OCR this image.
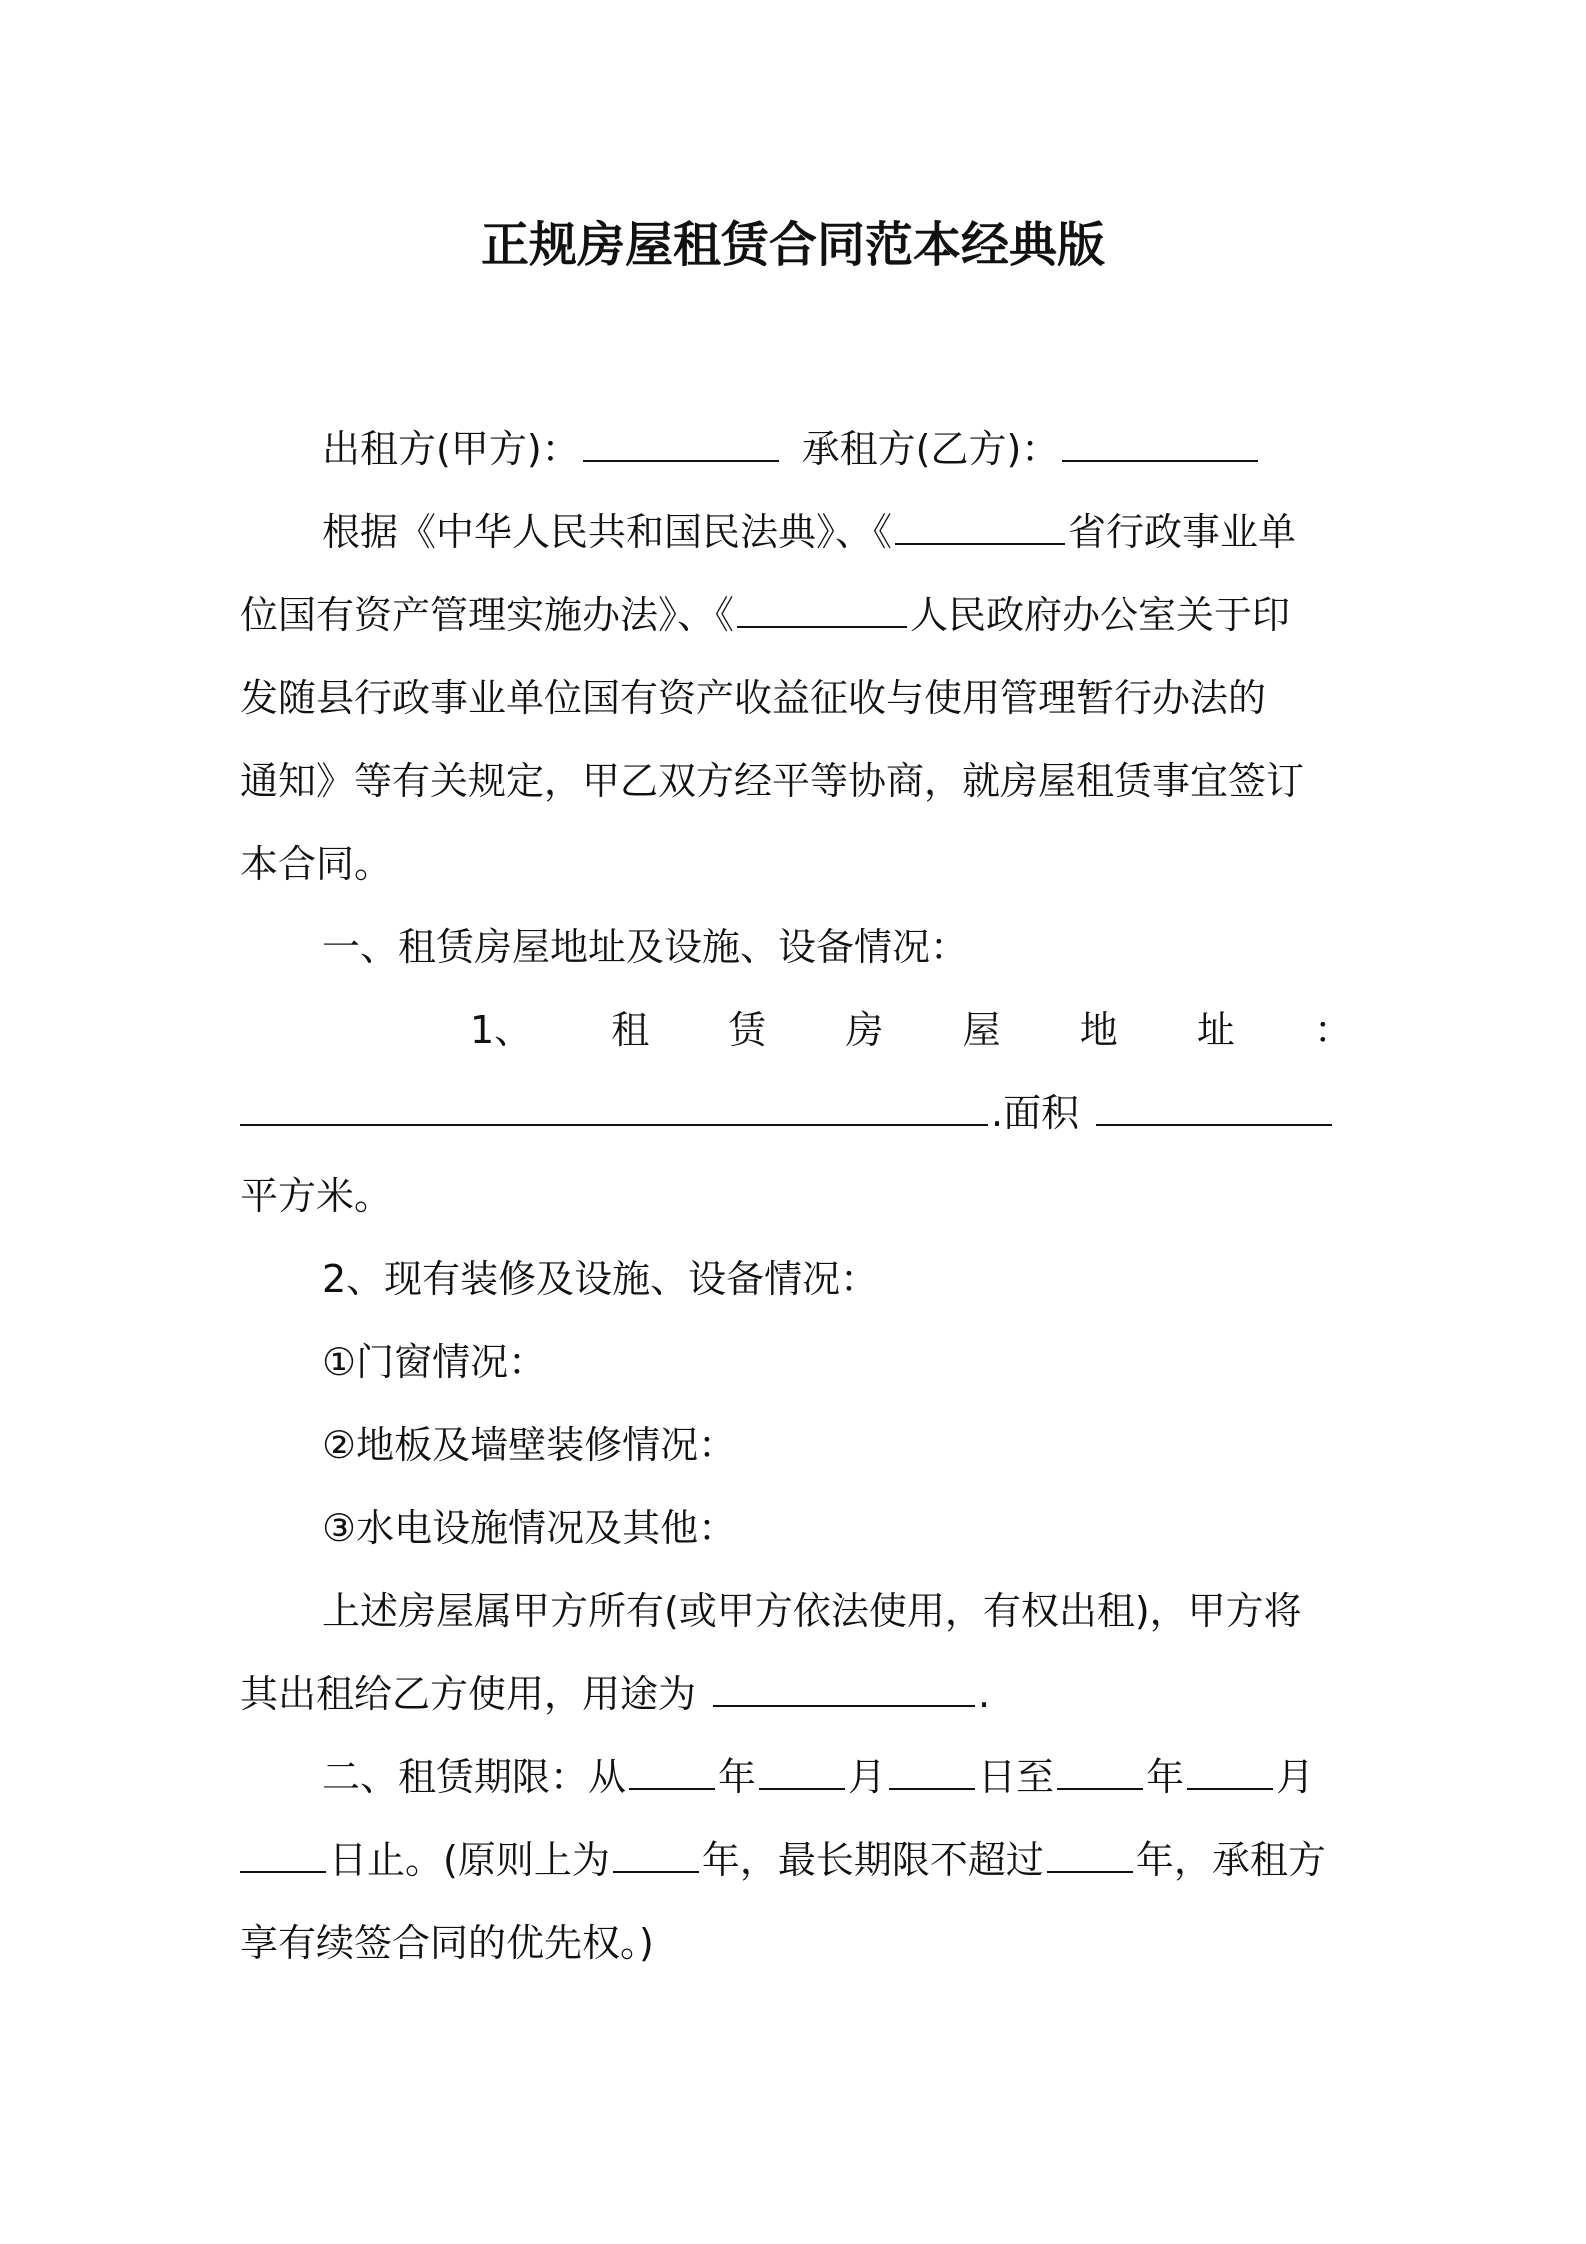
正规房屋租赁合同范本经典版

出租方(甲方)：	承租方(乙方)：

根据《中华人民共和国民法典》、《	省行政事业单

位国有资产管理实施办法》、《	人民政府办公室关于印

发随县行政事业单位国有资产收益征收与使用管理暂行办法的

通知》等有关规定，甲乙双方经平等协商，就房屋租赁事宜签订

本合同。

一、租赁房屋地址及设施、设备情况：

1、 租 赁 房 屋 地 址 ：

.面积

平方米。

2、现有装修及设施、设备情况：

①门窗情况：

②地板及墙壁装修情况：

③水电设施情况及其他：

上述房屋属甲方所有(或甲方依法使用，有权出租)，甲方将

其出租给乙方使用，用途为	.

二、租赁期限：从 年 月 日至 年 月

日止。(原则上为 年，最长期限不超过 年，承租方

享有续签合同的优先权。)
